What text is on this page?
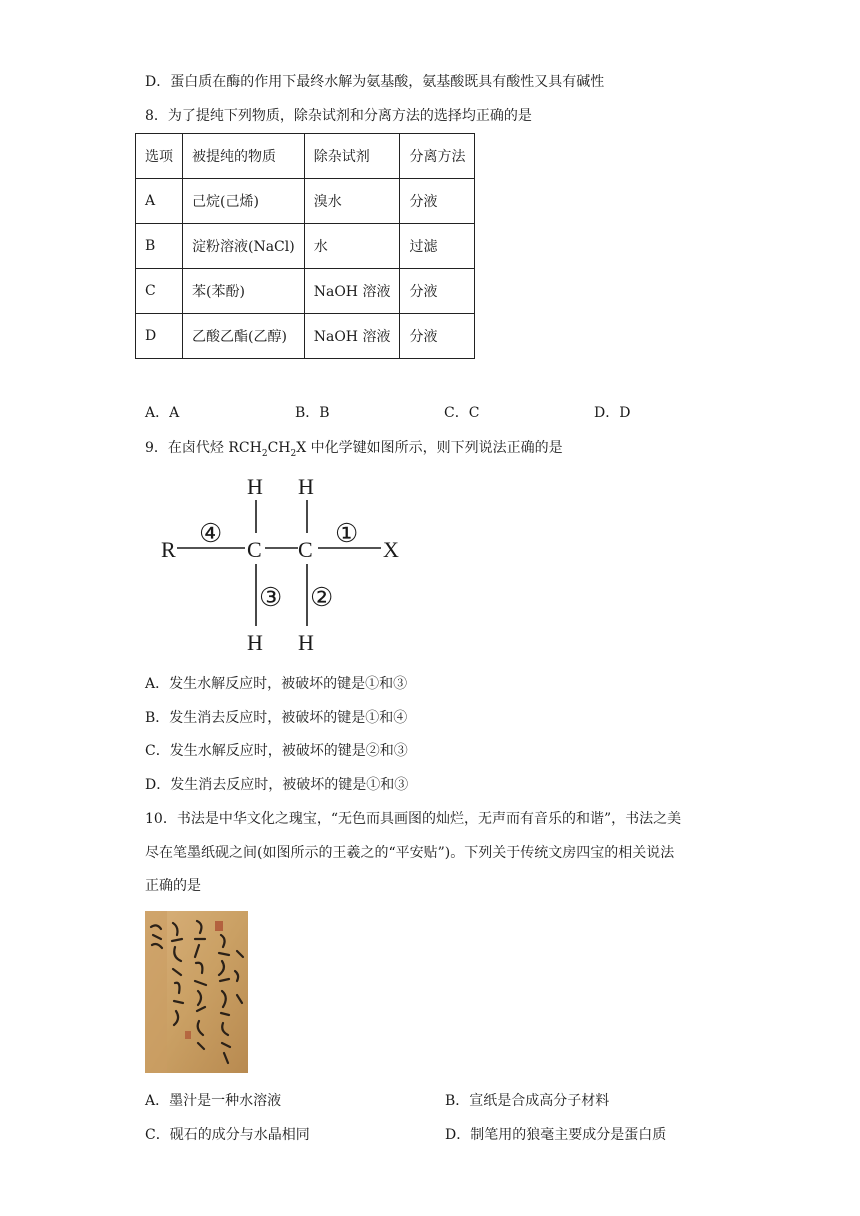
D．蛋白质在酶的作用下最终水解为氨基酸，氨基酸既具有酸性又具有碱性
8．为了提纯下列物质，除杂试剂和分离方法的选择均正确的是
选项	被提纯的物质	除杂试剂	分离方法
A	己烷(己烯)	溴水	分液
B	淀粉溶液(NaCl)	水	过滤
C	苯(苯酚)	NaOH 溶液	分液
D	乙酸乙酯(乙醇)	NaOH 溶液	分液
A．A	B．B	C．C	D．D
9．在卤代烃 $RCH_2CH_2X$ 中化学键如图所示，则下列说法正确的是
R	C C	X
H H
H H
④	①
③ ②
A．发生水解反应时，被破坏的键是①和③
B．发生消去反应时，被破坏的键是①和④
C．发生水解反应时，被破坏的键是②和③
D．发生消去反应时，被破坏的键是①和③
10．书法是中华文化之瑰宝，“无色而具画图的灿烂，无声而有音乐的和谐”，书法之美
尽在笔墨纸砚之间(如图所示的王羲之的“平安贴”)。下列关于传统文房四宝的相关说法
正确的是
A．墨汁是一种水溶液	B．宣纸是合成高分子材料
C．砚石的成分与水晶相同	D．制笔用的狼毫主要成分是蛋白质
